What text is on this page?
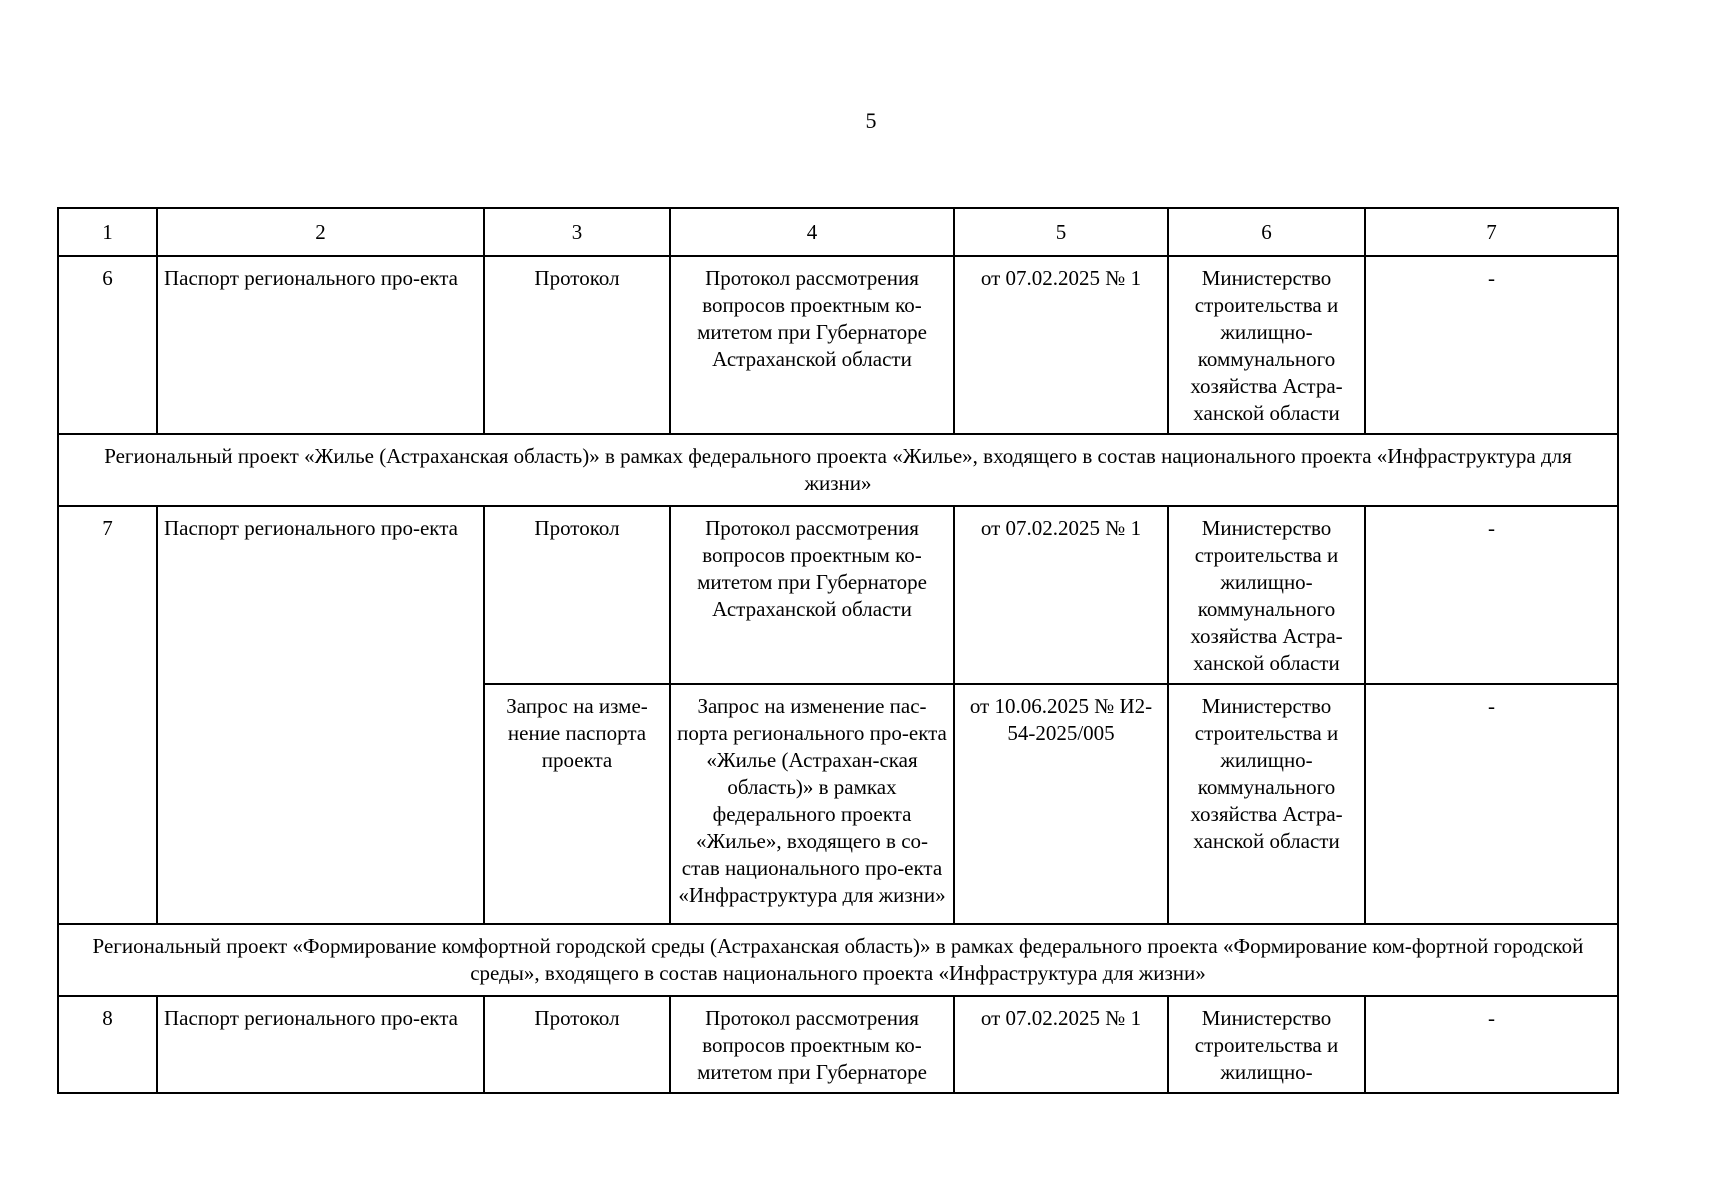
5
1	2	3	4	5	6	7
6	Паспорт регионального про-екта	Протокол	Протокол рассмотрения вопросов проектным ко-митетом при Губернаторе Астраханской области	от 07.02.2025 № 1	Министерство строительства и жилищно-коммунального хозяйства Астра-ханской области	-
Региональный проект «Жилье (Астраханская область)» в рамках федерального проекта «Жилье», входящего в состав национального проекта «Инфраструктура для жизни»						
7	Паспорт регионального про-екта	Протокол	Протокол рассмотрения вопросов проектным ко-митетом при Губернаторе Астраханской области	от 07.02.2025 № 1	Министерство строительства и жилищно-коммунального хозяйства Астра-ханской области	-
		Запрос на изме-нение паспорта проекта	Запрос на изменение пас-порта регионального про-екта «Жилье (Астрахан-ская область)» в рамках федерального проекта «Жилье», входящего в со-став национального про-екта «Инфраструктура для жизни»	от 10.06.2025 № И2-54-2025/005	Министерство строительства и жилищно-коммунального хозяйства Астра-ханской области	-
Региональный проект «Формирование комфортной городской среды (Астраханская область)» в рамках федерального проекта «Формирование ком-фортной городской среды», входящего в состав национального проекта «Инфраструктура для жизни»						
8	Паспорт регионального про-екта	Протокол	Протокол рассмотрения вопросов проектным ко-митетом при Губернаторе	от 07.02.2025 № 1	Министерство строительства и жилищно-	-
